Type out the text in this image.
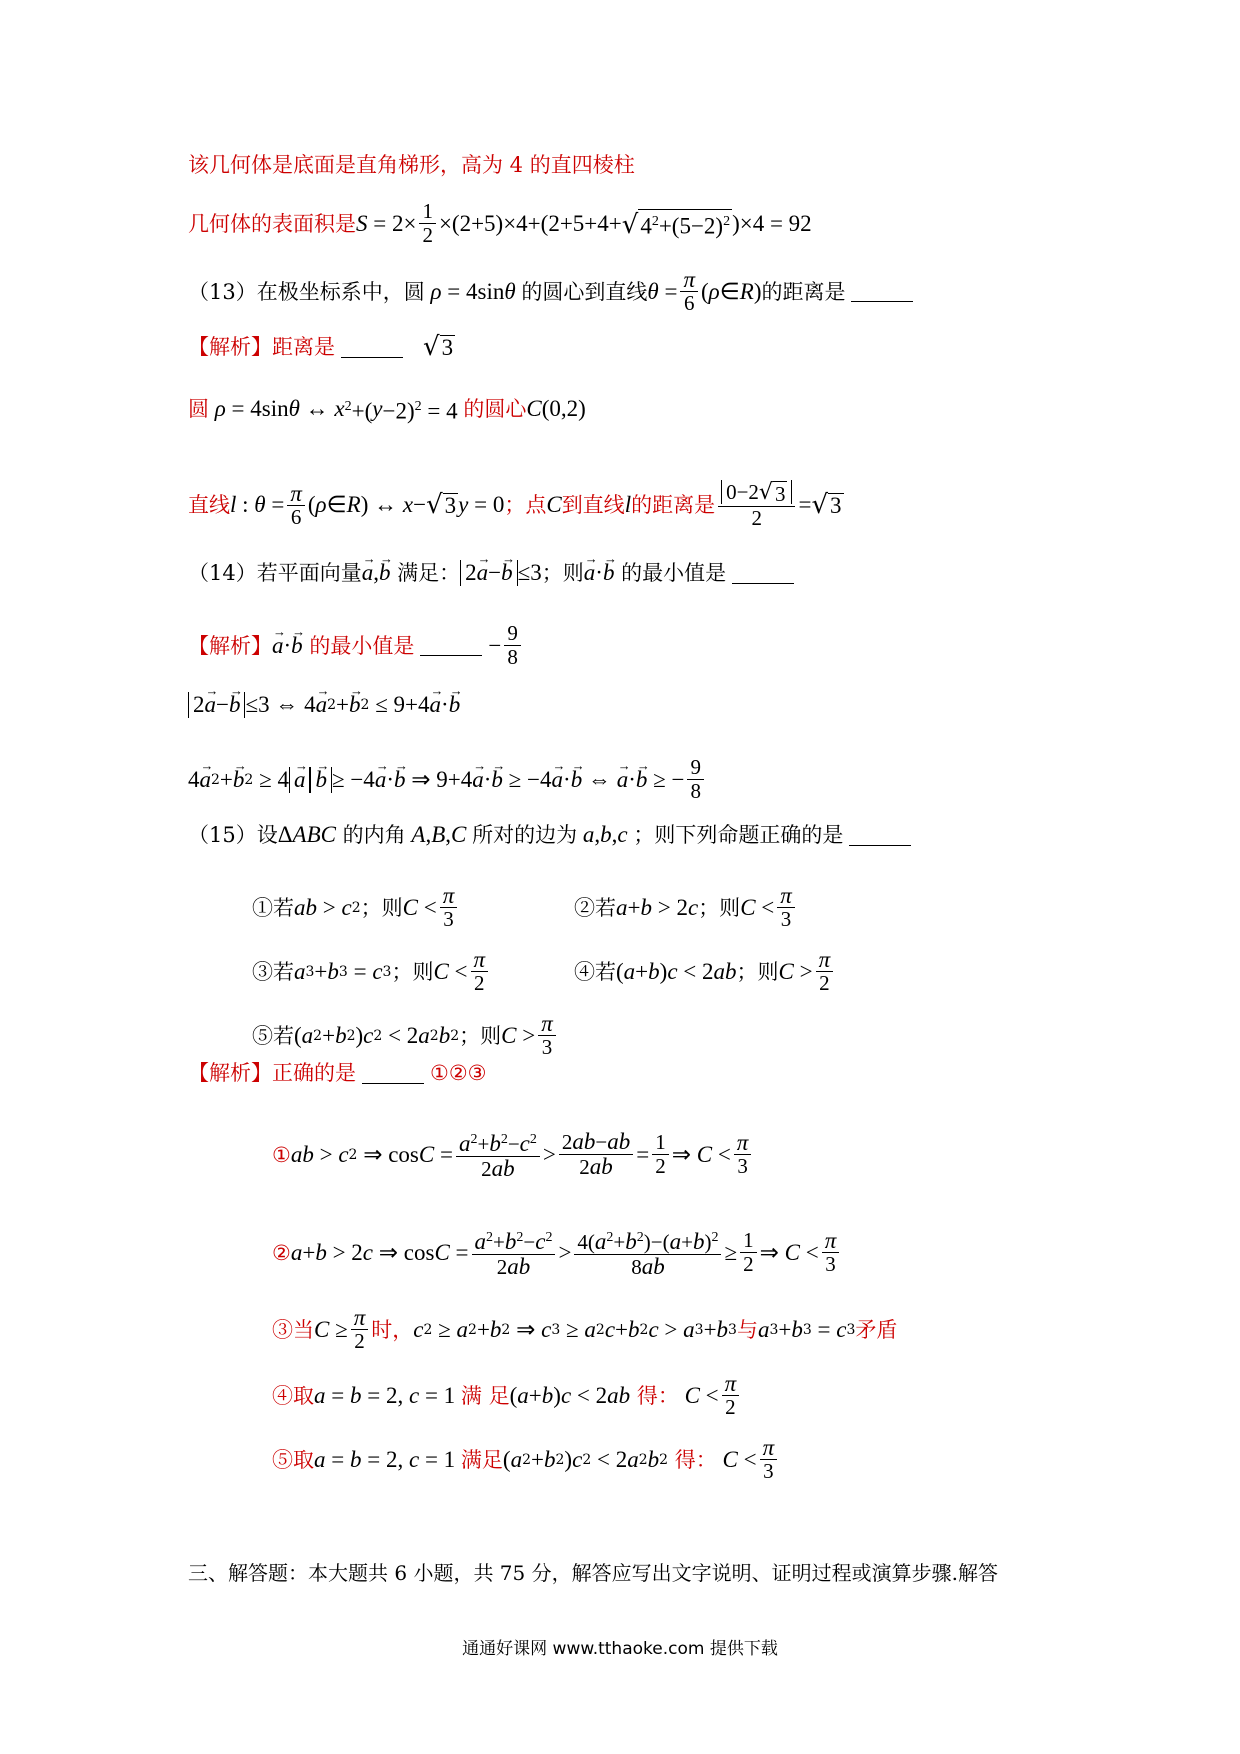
该几何体是底面是直角梯形，高为 4 的直四棱柱
几何体的表面积是 $S = 2\times \frac{1}{2} \times(2+5)\times 4+(2+5+4+$ √ $4^2+(5-2)^2$ )×4 = 92
（13）在极坐标系中，圆 ρ = 4sin θ 的圆心到直线 $\theta = \frac{\pi}{6}$ ( ρ ∈ R ) 的距离是
【解析】 距离是	√ 3
圆 ρ = 4sin θ ↔ x $^2$+( y −2)$^2$ = 4 的圆心 C (0,2)
直线 l : $\theta = \frac{\pi}{6}$ ( ρ ∈ R ) ↔ x − √ 3 y = 0 ；点 C 到直线 l 的距离是 $\frac{0-2 √ 3}{2}$ = √ 3
（14）若平面向量 → a , → b
满足： 2→ a−→ b ≤3 ；则 → a · → b
的最小值是
【解析】 → a · → b
的最小值是	− $\frac{9}{8}$
2→ a−→ b ≤3 ⇔ 4 → a 2 + → b 2 ≤ 9+4 → a · → b
4 → a 2 + → b 2 ≥ 4 → a → b ≥ −4 → a · → b ⇒ 9+4 → a · → b ≥ −4 → a · → b ⇔ → a · → b ≥ − $\frac{9}{8}$
（15）设 Δ ABC
的内角 A , B , C 所对的边为 a , b , c ；则下列命题正确的是
①若 ab > c 2 ；则 $C < \frac{\pi}{3}$	②若 a + b > 2 c ；则 $C < \frac{\pi}{3}$
③若 a 3 + b 3 = c 3 ；则 $C < \frac{\pi}{2}$	④若 ( a + b ) c < 2 ab ；则 $C > \frac{\pi}{2}$
⑤若 ( a 2 + b 2 ) c 2 < 2 a 2 b 2 ；则 $C > \frac{\pi}{3}$
【解析】 正确的是	①②③
① ab > c 2 ⇒ $\cos C = \frac{a^2+b^2-c^2}{2ab} > \frac{2ab-ab}{2ab} = \frac{1}{2}$ ⇒ $C < \frac{\pi}{3}$
② a + b > 2 c ⇒ $\cos C = \frac{a^2+b^2-c^2}{2ab} > \frac{4(a^2+b^2)-(a+b)^2}{8ab} \ge \frac{1}{2}$ ⇒ $C < \frac{\pi}{3}$
③当 $C \ge \frac{\pi}{2}$ 时， c 2 ≥ a 2 + b 2 ⇒ c 3 ≥ a 2 c + b 2 c > a 3 + b 3 与 a 3 + b 3 = c 3 矛盾
④取 a = b = 2, c = 1 满 足 ( a + b ) c < 2 ab
得： $C < \frac{\pi}{2}$
⑤取 a = b = 2, c = 1 满足 ( a 2 + b 2 ) c 2 < 2 a 2 b 2
得： $C < \frac{\pi}{3}$
三、解答题：本大题共 6 小题，共 75 分，解答应写出文字说明、证明过程或演算步骤.解答
通通好课网 www.tthaoke.com 提供下载
